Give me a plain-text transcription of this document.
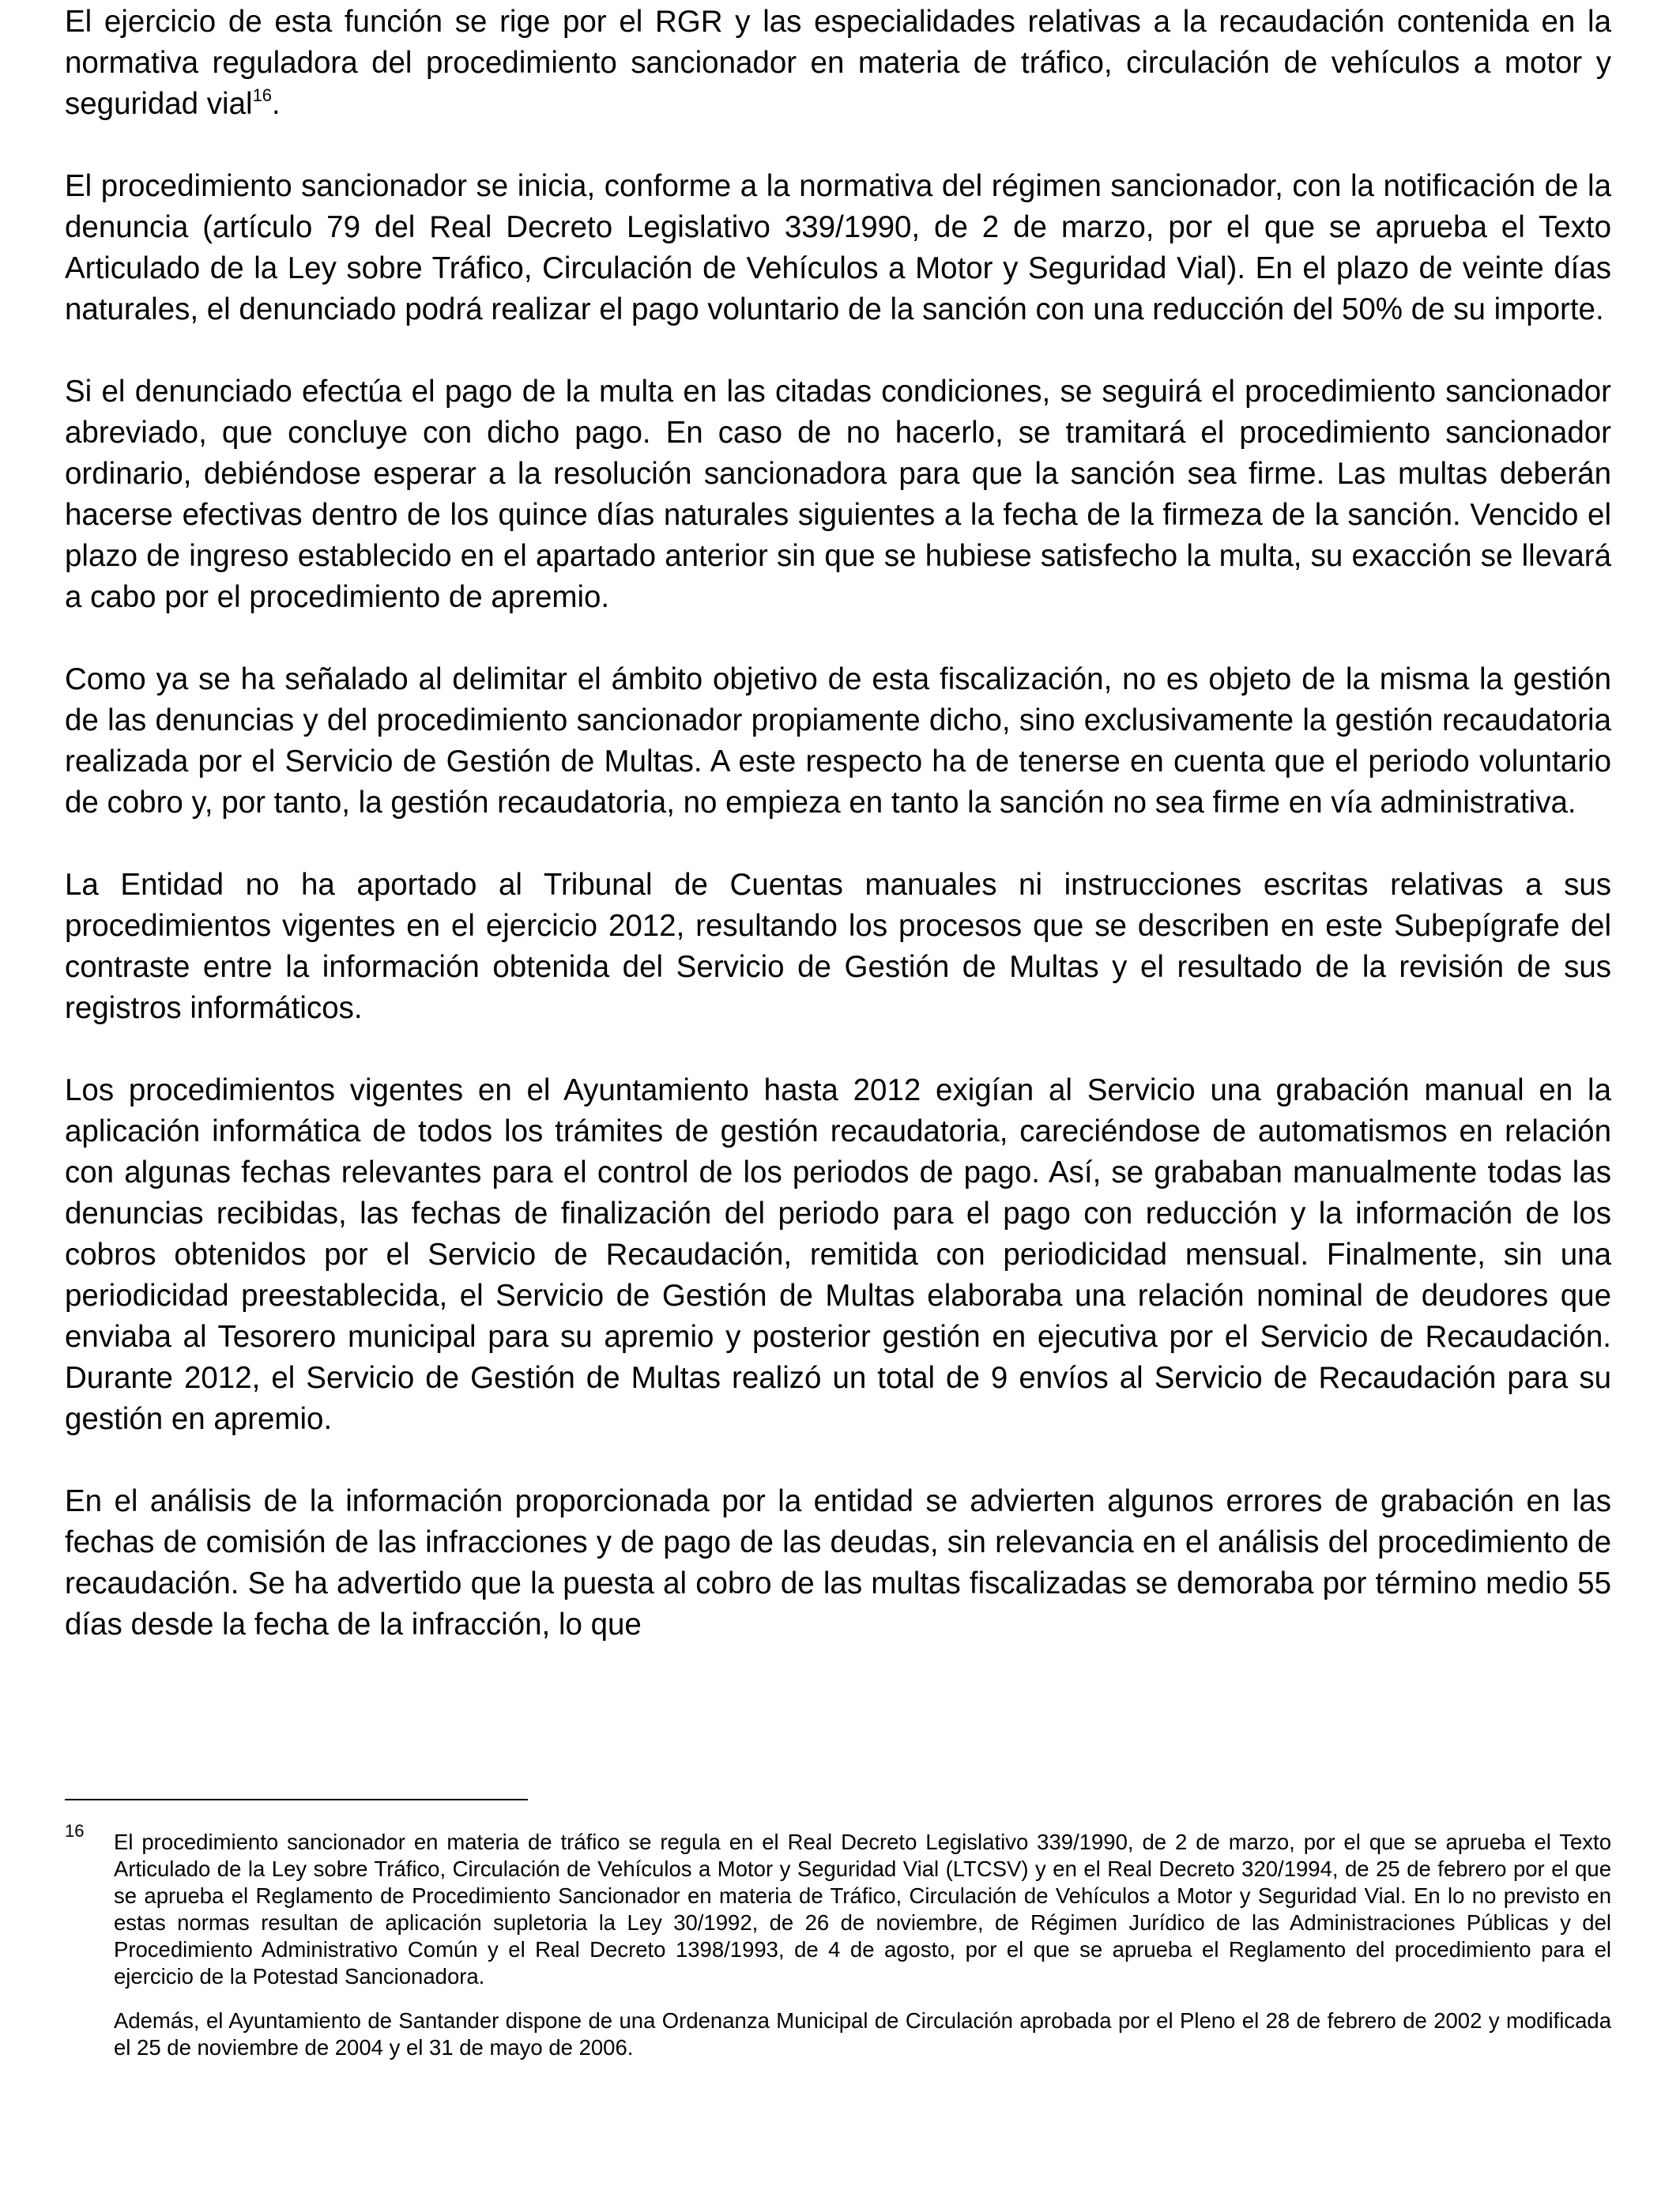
El ejercicio de esta función se rige por el RGR y las especialidades relativas a la recaudación contenida en la normativa reguladora del procedimiento sancionador en materia de tráfico, circulación de vehículos a motor y seguridad vial$^{16}$.

El procedimiento sancionador se inicia, conforme a la normativa del régimen sancionador, con la notificación de la denuncia (artículo 79 del Real Decreto Legislativo 339/1990, de 2 de marzo, por el que se aprueba el Texto Articulado de la Ley sobre Tráfico, Circulación de Vehículos a Motor y Seguridad Vial). En el plazo de veinte días naturales, el denunciado podrá realizar el pago voluntario de la sanción con una reducción del 50% de su importe.

Si el denunciado efectúa el pago de la multa en las citadas condiciones, se seguirá el procedimiento sancionador abreviado, que concluye con dicho pago. En caso de no hacerlo, se tramitará el procedimiento sancionador ordinario, debiéndose esperar a la resolución sancionadora para que la sanción sea firme. Las multas deberán hacerse efectivas dentro de los quince días naturales siguientes a la fecha de la firmeza de la sanción. Vencido el plazo de ingreso establecido en el apartado anterior sin que se hubiese satisfecho la multa, su exacción se llevará a cabo por el procedimiento de apremio.

Como ya se ha señalado al delimitar el ámbito objetivo de esta fiscalización, no es objeto de la misma la gestión de las denuncias y del procedimiento sancionador propiamente dicho, sino exclusivamente la gestión recaudatoria realizada por el Servicio de Gestión de Multas. A este respecto ha de tenerse en cuenta que el periodo voluntario de cobro y, por tanto, la gestión recaudatoria, no empieza en tanto la sanción no sea firme en vía administrativa.

La Entidad no ha aportado al Tribunal de Cuentas manuales ni instrucciones escritas relativas a sus procedimientos vigentes en el ejercicio 2012, resultando los procesos que se describen en este Subepígrafe del contraste entre la información obtenida del Servicio de Gestión de Multas y el resultado de la revisión de sus registros informáticos.

Los procedimientos vigentes en el Ayuntamiento hasta 2012 exigían al Servicio una grabación manual en la aplicación informática de todos los trámites de gestión recaudatoria, careciéndose de automatismos en relación con algunas fechas relevantes para el control de los periodos de pago. Así, se grababan manualmente todas las denuncias recibidas, las fechas de finalización del periodo para el pago con reducción y la información de los cobros obtenidos por el Servicio de Recaudación, remitida con periodicidad mensual. Finalmente, sin una periodicidad preestablecida, el Servicio de Gestión de Multas elaboraba una relación nominal de deudores que enviaba al Tesorero municipal para su apremio y posterior gestión en ejecutiva por el Servicio de Recaudación. Durante 2012, el Servicio de Gestión de Multas realizó un total de 9 envíos al Servicio de Recaudación para su gestión en apremio.

En el análisis de la información proporcionada por la entidad se advierten algunos errores de grabación en las fechas de comisión de las infracciones y de pago de las deudas, sin relevancia en el análisis del procedimiento de recaudación. Se ha advertido que la puesta al cobro de las multas fiscalizadas se demoraba por término medio 55 días desde la fecha de la infracción, lo que

16 El procedimiento sancionador en materia de tráfico se regula en el Real Decreto Legislativo 339/1990, de 2 de marzo, por el que se aprueba el Texto Articulado de la Ley sobre Tráfico, Circulación de Vehículos a Motor y Seguridad Vial (LTCSV) y en el Real Decreto 320/1994, de 25 de febrero por el que se aprueba el Reglamento de Procedimiento Sancionador en materia de Tráfico, Circulación de Vehículos a Motor y Seguridad Vial. En lo no previsto en estas normas resultan de aplicación supletoria la Ley 30/1992, de 26 de noviembre, de Régimen Jurídico de las Administraciones Públicas y del Procedimiento Administrativo Común y el Real Decreto 1398/1993, de 4 de agosto, por el que se aprueba el Reglamento del procedimiento para el ejercicio de la Potestad Sancionadora.
Además, el Ayuntamiento de Santander dispone de una Ordenanza Municipal de Circulación aprobada por el Pleno el 28 de febrero de 2002 y modificada el 25 de noviembre de 2004 y el 31 de mayo de 2006.
